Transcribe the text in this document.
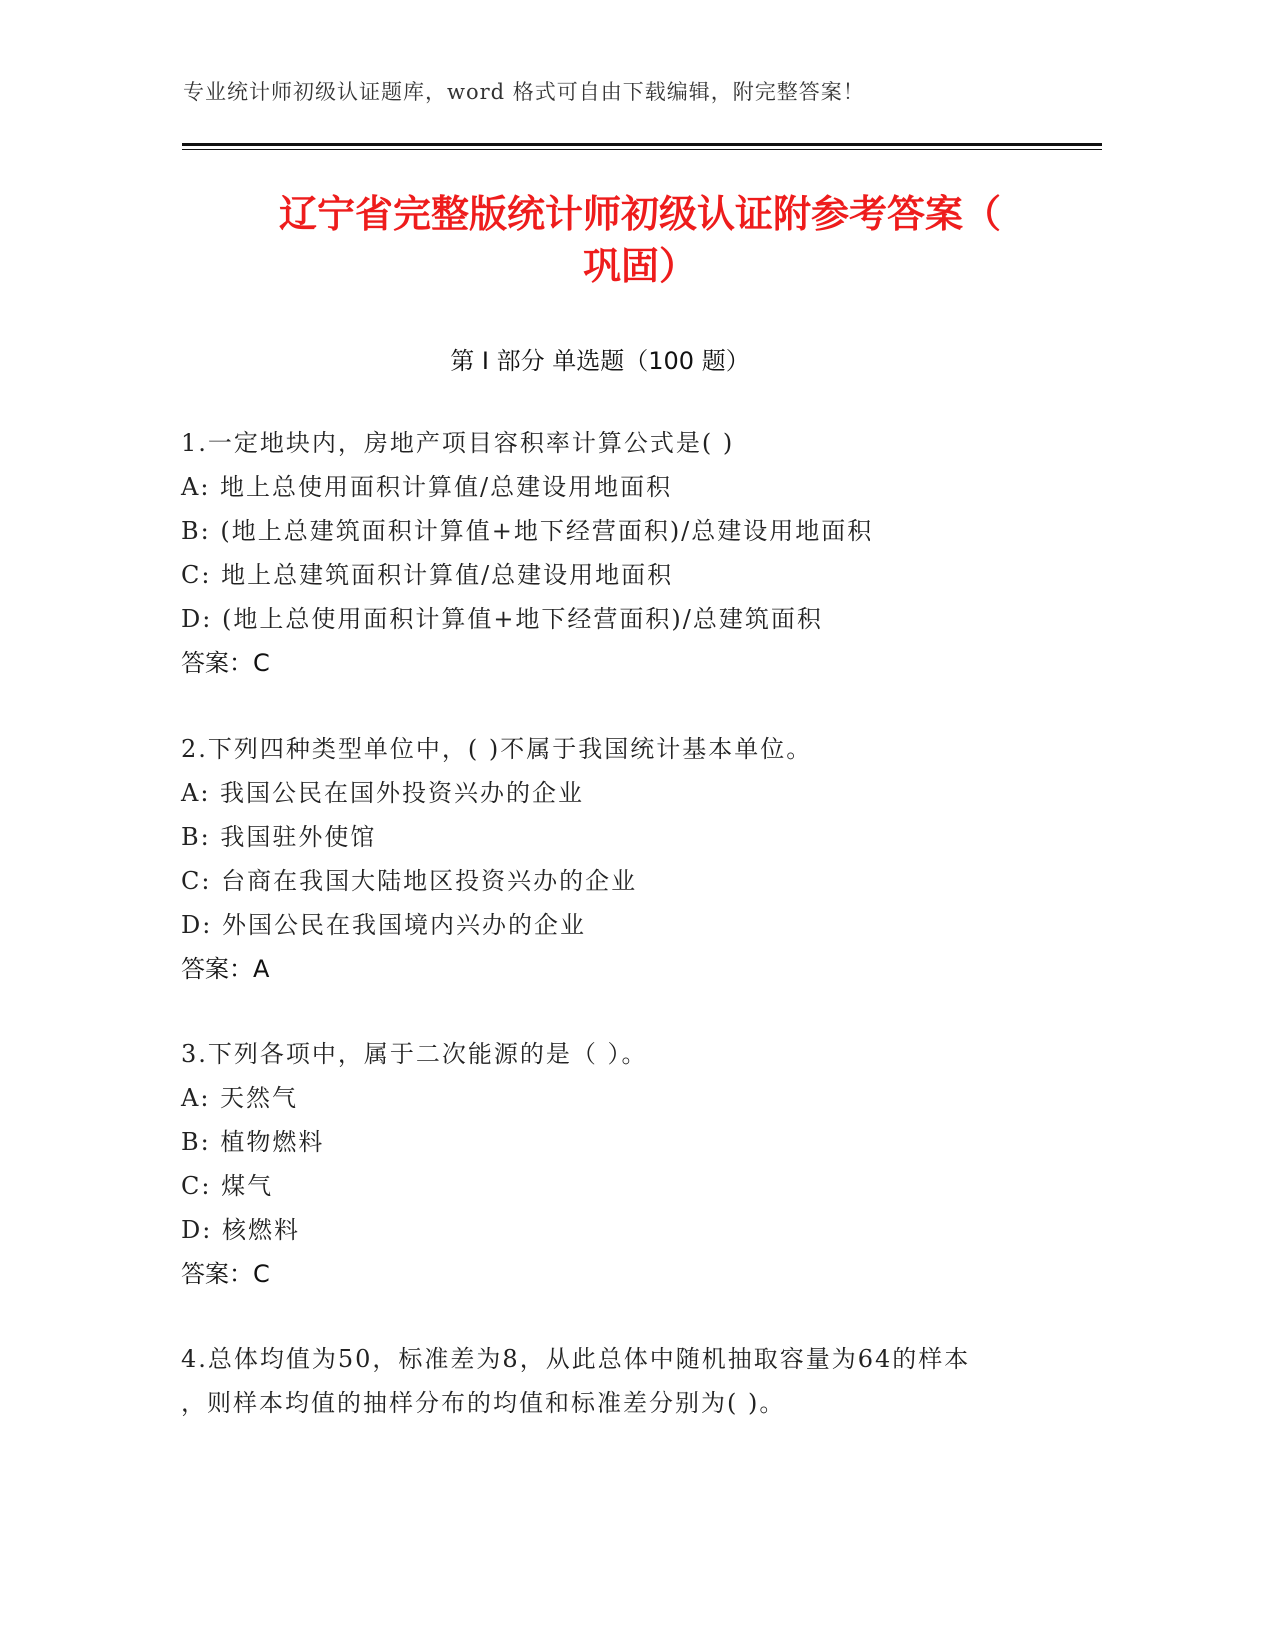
专业统计师初级认证题库，word 格式可自由下载编辑，附完整答案！
辽宁省完整版统计师初级认证附参考答案（
巩固）
第 I 部分 单选题（100 题）
1.一定地块内，房地产项目容积率计算公式是( )
A: 地上总使用面积计算值/总建设用地面积
B: (地上总建筑面积计算值+地下经营面积)/总建设用地面积
C: 地上总建筑面积计算值/总建设用地面积
D: (地上总使用面积计算值+地下经营面积)/总建筑面积
答案：C
2.下列四种类型单位中，( )不属于我国统计基本单位。
A: 我国公民在国外投资兴办的企业
B: 我国驻外使馆
C: 台商在我国大陆地区投资兴办的企业
D: 外国公民在我国境内兴办的企业
答案：A
3.下列各项中，属于二次能源的是（ ）。
A: 天然气
B: 植物燃料
C: 煤气
D: 核燃料
答案：C
4.总体均值为50，标准差为8，从此总体中随机抽取容量为64的样本
，则样本均值的抽样分布的均值和标准差分别为( )。
